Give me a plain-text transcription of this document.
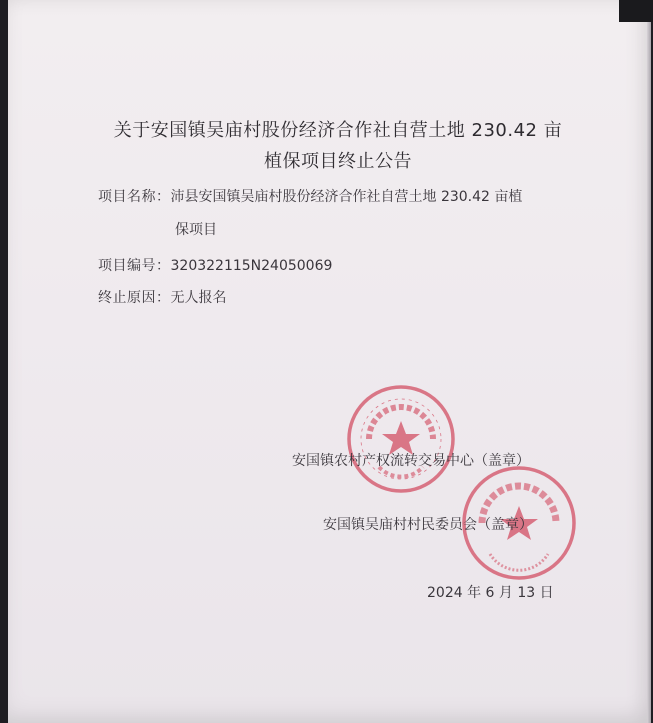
关于安国镇吴庙村股份经济合作社自营土地 230.42 亩
植保项目终止公告
项目名称：沛县安国镇吴庙村股份经济合作社自营土地 230.42 亩植
保项目
项目编号：320322115N24050069
终止原因：无人报名
安国镇农村产权流转交易中心（盖章）
安国镇吴庙村村民委员会（盖章）
2024 年 6 月 13 日
